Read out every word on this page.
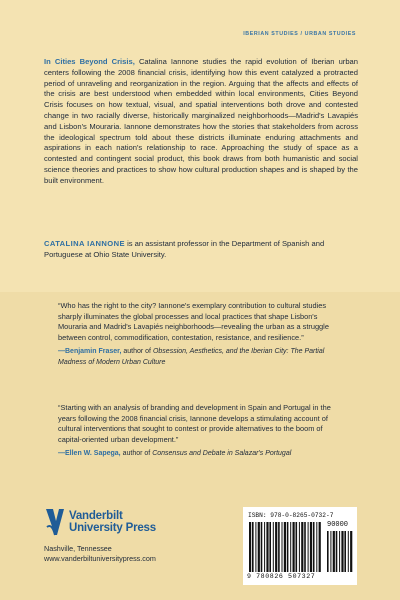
IBERIAN STUDIES / URBAN STUDIES
In Cities Beyond Crisis, Catalina Iannone studies the rapid evolution of Iberian urban centers following the 2008 financial crisis, identifying how this event catalyzed a protracted period of unraveling and reorganization in the region. Arguing that the affects and effects of the crisis are best understood when embedded within local environments, Cities Beyond Crisis focuses on how textual, visual, and spatial interventions both drove and contested change in two racially diverse, historically marginalized neighborhoods—Madrid's Lavapiés and Lisbon's Mouraria. Iannone demonstrates how the stories that stakeholders from across the ideological spectrum told about these districts illuminate enduring attachments and aspirations in each nation's relationship to race. Approaching the study of space as a contested and contingent social product, this book draws from both humanistic and social science theories and practices to show how cultural production shapes and is shaped by the built environment.
CATALINA IANNONE is an assistant professor in the Department of Spanish and Portuguese at Ohio State University.
“Who has the right to the city? Iannone's exemplary contribution to cultural studies sharply illuminates the global processes and local practices that shape Lisbon's Mouraria and Madrid's Lavapiés neighborhoods—revealing the urban as a struggle between control, commodification, contestation, resistance, and resilience.”
—Benjamin Fraser, author of Obsession, Aesthetics, and the Iberian City: The Partial Madness of Modern Urban Culture
“Starting with an analysis of branding and development in Spain and Portugal in the years following the 2008 financial crisis, Iannone develops a stimulating account of cultural interventions that sought to contest or provide alternatives to the boom of capital-oriented urban development.”
—Ellen W. Sapega, author of Consensus and Debate in Salazar's Portugal
Vanderbilt
University Press
Nashville, Tennessee
www.vanderbiltuniversitypress.com
ISBN: 978-0-8265-0732-7
90000
9 780826 507327
